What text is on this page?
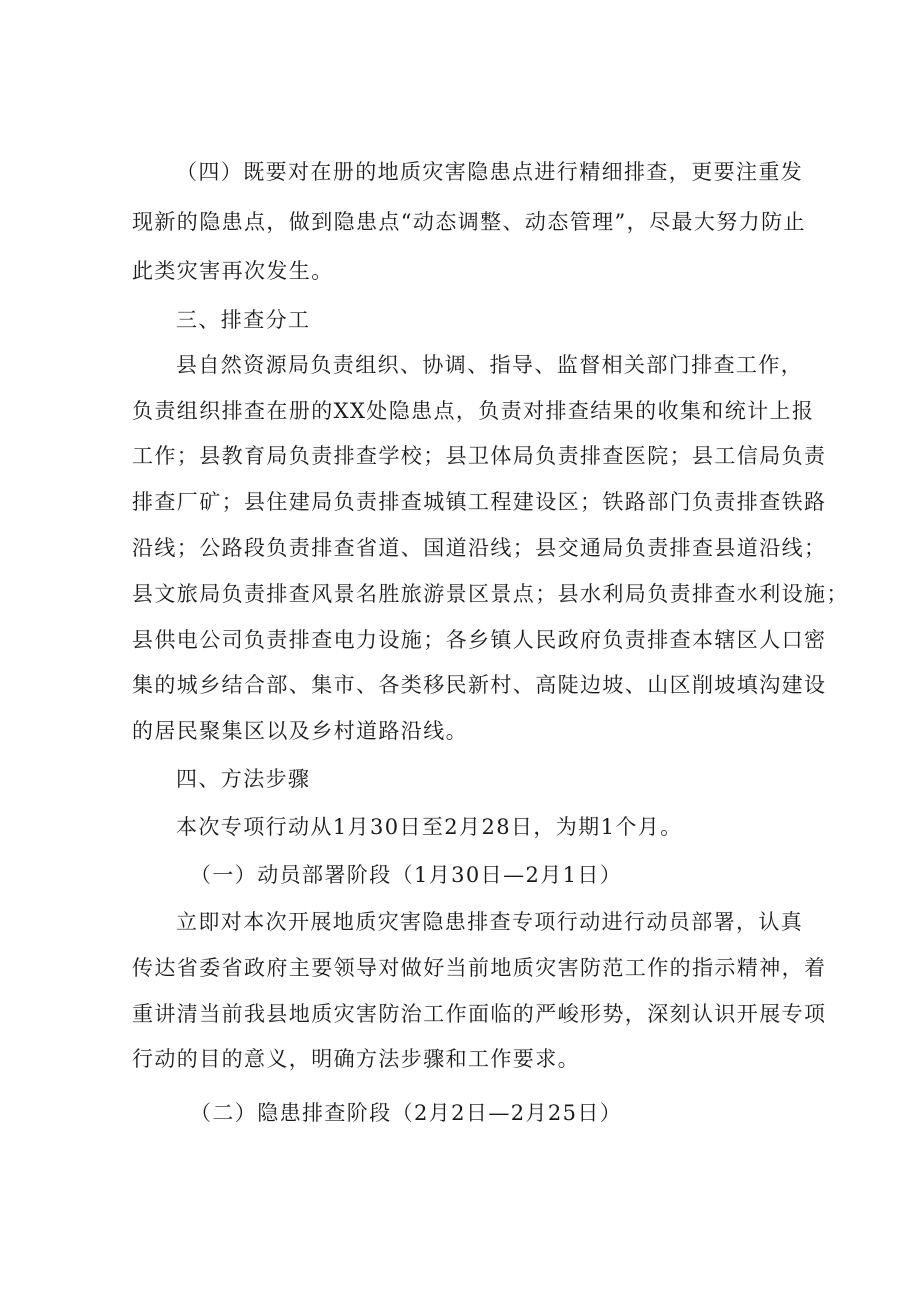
（四）既要对在册的地质灾害隐患点进行精细排查，更要注重发
现新的隐患点，做到隐患点“动态调整、动态管理”，尽最大努力防止
此类灾害再次发生。
三、排查分工
县自然资源局负责组织、协调、指导、监督相关部门排查工作，
负责组织排查在册的XX处隐患点，负责对排查结果的收集和统计上报
工作；县教育局负责排查学校；县卫体局负责排查医院；县工信局负责
排查厂矿；县住建局负责排查城镇工程建设区；铁路部门负责排查铁路
沿线；公路段负责排查省道、国道沿线；县交通局负责排查县道沿线；
县文旅局负责排查风景名胜旅游景区景点；县水利局负责排查水利设施；
县供电公司负责排查电力设施；各乡镇人民政府负责排查本辖区人口密
集的城乡结合部、集市、各类移民新村、高陡边坡、山区削坡填沟建设
的居民聚集区以及乡村道路沿线。
四、方法步骤
本次专项行动从1月30日至2月28日，为期1个月。
（一）动员部署阶段（1月30日—2月1日）
立即对本次开展地质灾害隐患排查专项行动进行动员部署，认真
传达省委省政府主要领导对做好当前地质灾害防范工作的指示精神，着
重讲清当前我县地质灾害防治工作面临的严峻形势，深刻认识开展专项
行动的目的意义，明确方法步骤和工作要求。
（二）隐患排查阶段（2月2日—2月25日）
